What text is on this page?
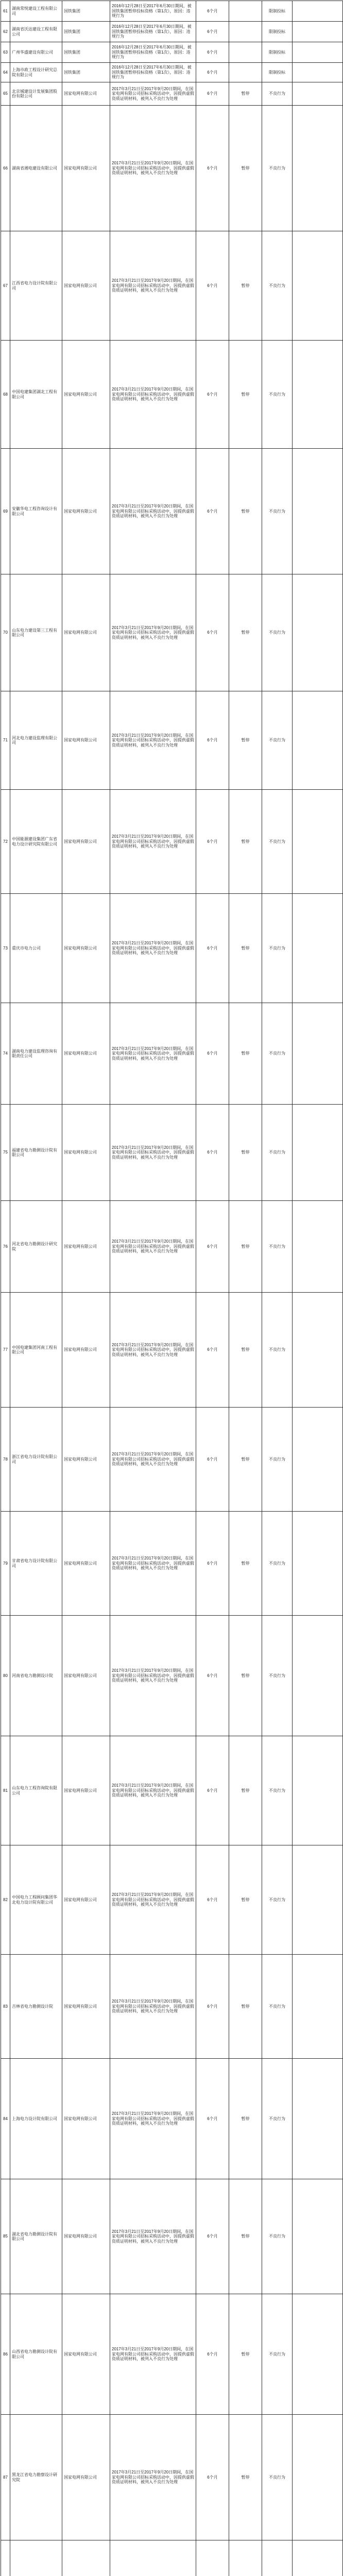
61	湖南常悦建设工程有限公司	国铁集团	2016年12月28日至2017年6月30日期间，被国铁集团暂停投标资格（第1次），原因：违规行为	6个月		限制投标	
62	湖南省沃达建设工程有限公司	国铁集团	2016年12月28日至2017年6月30日期间，被国铁集团暂停投标资格（第1次），原因：违规行为	6个月		限制投标	
63	广州华盛建设有限公司	国铁集团	2016年12月28日至2017年6月30日期间，被国铁集团暂停投标资格（第1次），原因：违规行为	6个月		限制投标	
64	上海市政工程设计研究总院有限公司	国铁集团	2016年12月28日至2017年6月30日期间，被国铁集团暂停投标资格（第1次），原因：违规行为	6个月		限制投标	
65	北京城建设计发展集团股份有限公司	国家电网有限公司	2017年3月21日至2017年9月20日期间，在国家电网有限公司招标采购活动中，因提供虚假资质证明材料，被列入不良行为处理	6个月	暂停	不良行为	
66	湖南省湘电建设有限公司	国家电网有限公司	2017年3月21日至2017年9月20日期间，在国家电网有限公司招标采购活动中，因提供虚假资质证明材料，被列入不良行为处理	6个月	暂停	不良行为	
67	江西省电力设计院有限公司	国家电网有限公司	2017年3月21日至2017年9月20日期间，在国家电网有限公司招标采购活动中，因提供虚假资质证明材料，被列入不良行为处理	6个月	暂停	不良行为	
68	中国电建集团湖北工程有限公司	国家电网有限公司	2017年3月21日至2017年9月20日期间，在国家电网有限公司招标采购活动中，因提供虚假资质证明材料，被列入不良行为处理	6个月	暂停	不良行为	
69	安徽华电工程咨询设计有限公司	国家电网有限公司	2017年3月21日至2017年9月20日期间，在国家电网有限公司招标采购活动中，因提供虚假资质证明材料，被列入不良行为处理	6个月	暂停	不良行为	
70	山东电力建设第三工程有限公司	国家电网有限公司	2017年3月21日至2017年9月20日期间，在国家电网有限公司招标采购活动中，因提供虚假资质证明材料，被列入不良行为处理	6个月	暂停	不良行为	
71	河北电力建设监理有限公司	国家电网有限公司	2017年3月21日至2017年9月20日期间，在国家电网有限公司招标采购活动中，因提供虚假资质证明材料，被列入不良行为处理	6个月	暂停	不良行为	
72	中国能源建设集团广东省电力设计研究院有限公司	国家电网有限公司	2017年3月21日至2017年9月20日期间，在国家电网有限公司招标采购活动中，因提供虚假资质证明材料，被列入不良行为处理	6个月	暂停	不良行为	
73	重庆市电力公司	国家电网有限公司	2017年3月21日至2017年9月20日期间，在国家电网有限公司招标采购活动中，因提供虚假资质证明材料，被列入不良行为处理	6个月	暂停	不良行为	
74	湖南电力建设监理咨询有限责任公司	国家电网有限公司	2017年3月21日至2017年9月20日期间，在国家电网有限公司招标采购活动中，因提供虚假资质证明材料，被列入不良行为处理	6个月	暂停	不良行为	
75	福建省电力勘测设计院有限公司	国家电网有限公司	2017年3月21日至2017年9月20日期间，在国家电网有限公司招标采购活动中，因提供虚假资质证明材料，被列入不良行为处理	6个月	暂停	不良行为	
76	河北省电力勘测设计研究院	国家电网有限公司	2017年3月21日至2017年9月20日期间，在国家电网有限公司招标采购活动中，因提供虚假资质证明材料，被列入不良行为处理	6个月	暂停	不良行为	
77	中国电建集团河南工程有限公司	国家电网有限公司	2017年3月21日至2017年9月20日期间，在国家电网有限公司招标采购活动中，因提供虚假资质证明材料，被列入不良行为处理	6个月	暂停	不良行为	
78	浙江省电力设计院有限公司	国家电网有限公司	2017年3月21日至2017年9月20日期间，在国家电网有限公司招标采购活动中，因提供虚假资质证明材料，被列入不良行为处理	6个月	暂停	不良行为	
79	甘肃省电力设计院有限公司	国家电网有限公司	2017年3月21日至2017年9月20日期间，在国家电网有限公司招标采购活动中，因提供虚假资质证明材料，被列入不良行为处理	6个月	暂停	不良行为	
80	河南省电力勘测设计院	国家电网有限公司	2017年3月21日至2017年9月20日期间，在国家电网有限公司招标采购活动中，因提供虚假资质证明材料，被列入不良行为处理	6个月	暂停	不良行为	
81	山东电力工程咨询院有限公司	国家电网有限公司	2017年3月21日至2017年9月20日期间，在国家电网有限公司招标采购活动中，因提供虚假资质证明材料，被列入不良行为处理	6个月	暂停	不良行为	
82	中国电力工程顾问集团华北电力设计院有限公司	国家电网有限公司	2017年3月21日至2017年9月20日期间，在国家电网有限公司招标采购活动中，因提供虚假资质证明材料，被列入不良行为处理	6个月	暂停	不良行为	
83	吉林省电力勘测设计院	国家电网有限公司	2017年3月21日至2017年9月20日期间，在国家电网有限公司招标采购活动中，因提供虚假资质证明材料，被列入不良行为处理	6个月	暂停	不良行为	
84	上海电力设计院有限公司	国家电网有限公司	2017年3月21日至2017年9月20日期间，在国家电网有限公司招标采购活动中，因提供虚假资质证明材料，被列入不良行为处理	6个月	暂停	不良行为	
85	湖北省电力勘测设计院有限公司	国家电网有限公司	2017年3月21日至2017年9月20日期间，在国家电网有限公司招标采购活动中，因提供虚假资质证明材料，被列入不良行为处理	6个月	暂停	不良行为	
86	山西省电力勘测设计院有限公司	国家电网有限公司	2017年3月21日至2017年9月20日期间，在国家电网有限公司招标采购活动中，因提供虚假资质证明材料，被列入不良行为处理	6个月	暂停	不良行为	
87	黑龙江省电力勘察设计研究院	国家电网有限公司	2017年3月21日至2017年9月20日期间，在国家电网有限公司招标采购活动中，因提供虚假资质证明材料，被列入不良行为处理	6个月	暂停	不良行为	
